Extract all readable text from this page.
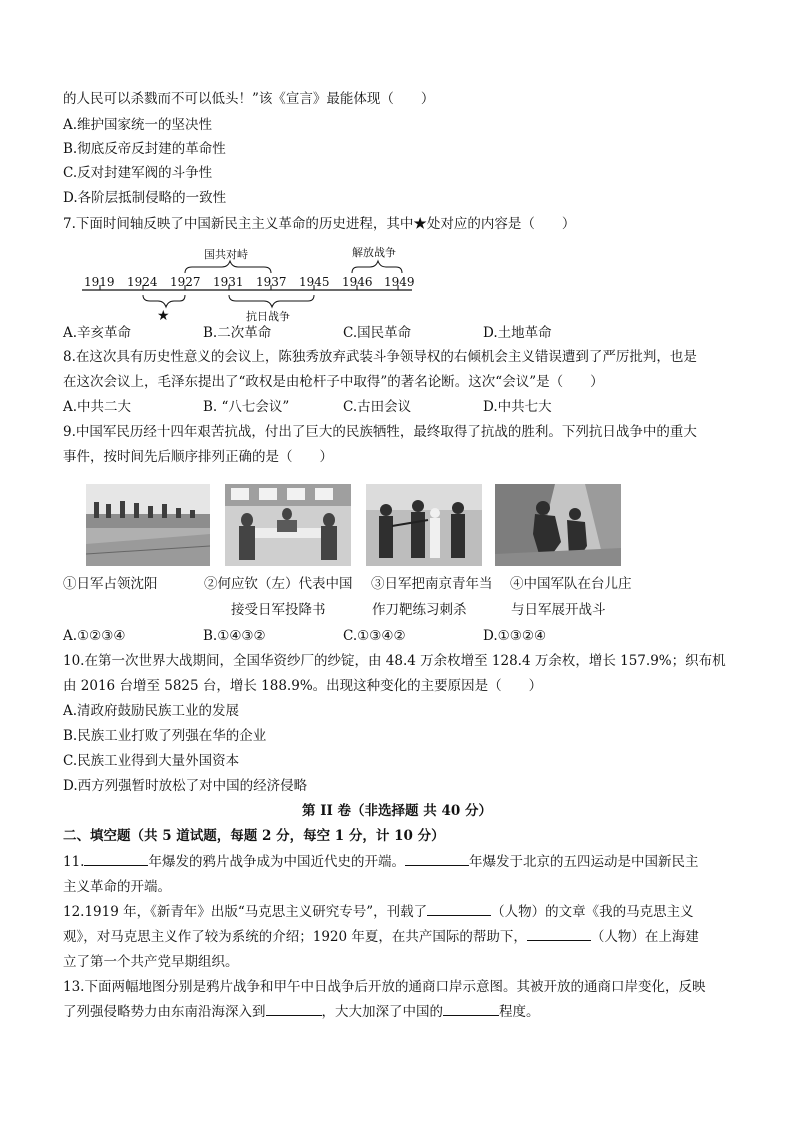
的人民可以杀戮而不可以低头！”该《宣言》最能体现（　　）
A.维护国家统一的坚决性
B.彻底反帝反封建的革命性
C.反对封建军阀的斗争性
D.各阶层抵制侵略的一致性
7.下面时间轴反映了中国新民主主义革命的历史进程，其中★处对应的内容是（　　）
1919 1924 1927 1931 1937 1945 1946 1949
国共对峙	解放战争
★	抗日战争
A.辛亥革命	B.二次革命	C.国民革命	D.土地革命
8.在这次具有历史性意义的会议上，陈独秀放弃武装斗争领导权的右倾机会主义错误遭到了严厉批判，也是
在这次会议上，毛泽东提出了“政权是由枪杆子中取得”的著名论断。这次“会议”是（　　）
A.中共二大	B. “八七会议”	C.古田会议	D.中共七大
9.中国军民历经十四年艰苦抗战，付出了巨大的民族牺牲，最终取得了抗战的胜利。下列抗日战争中的重大
事件，按时间先后顺序排列正确的是（　　）
①日军占领沈阳	②何应钦（左）代表中国
接受日军投降书
③日军把南京青年当
作刀靶练习刺杀
④中国军队在台儿庄
与日军展开战斗
A.①②③④	B.①④③②	C.①③④②	D.①③②④
10.在第一次世界大战期间，全国华资纱厂的纱锭，由 48.4 万余枚增至 128.4 万余枚，增长 157.9%；织布机
由 2016 台增至 5825 台，增长 188.9%。出现这种变化的主要原因是（　　）
A.清政府鼓励民族工业的发展
B.民族工业打败了列强在华的企业
C.民族工业得到大量外国资本
D.西方列强暂时放松了对中国的经济侵略
第 II 卷（非选择题 共 40 分）
二、填空题（共 5 道试题，每题 2 分，每空 1 分，计 10 分）
11.	年爆发的鸦片战争成为中国近代史的开端。	年爆发于北京的五四运动是中国新民主
主义革命的开端。
12.1919 年，《新青年》出版“马克思主义研究专号”，刊载了	（人物）的文章《我的马克思主义
观》，对马克思主义作了较为系统的介绍；1920 年夏，在共产国际的帮助下，	（人物）在上海建
立了第一个共产党早期组织。
13.下面两幅地图分别是鸦片战争和甲午中日战争后开放的通商口岸示意图。其被开放的通商口岸变化，反映
了列强侵略势力由东南沿海深入到	，大大加深了中国的	程度。
